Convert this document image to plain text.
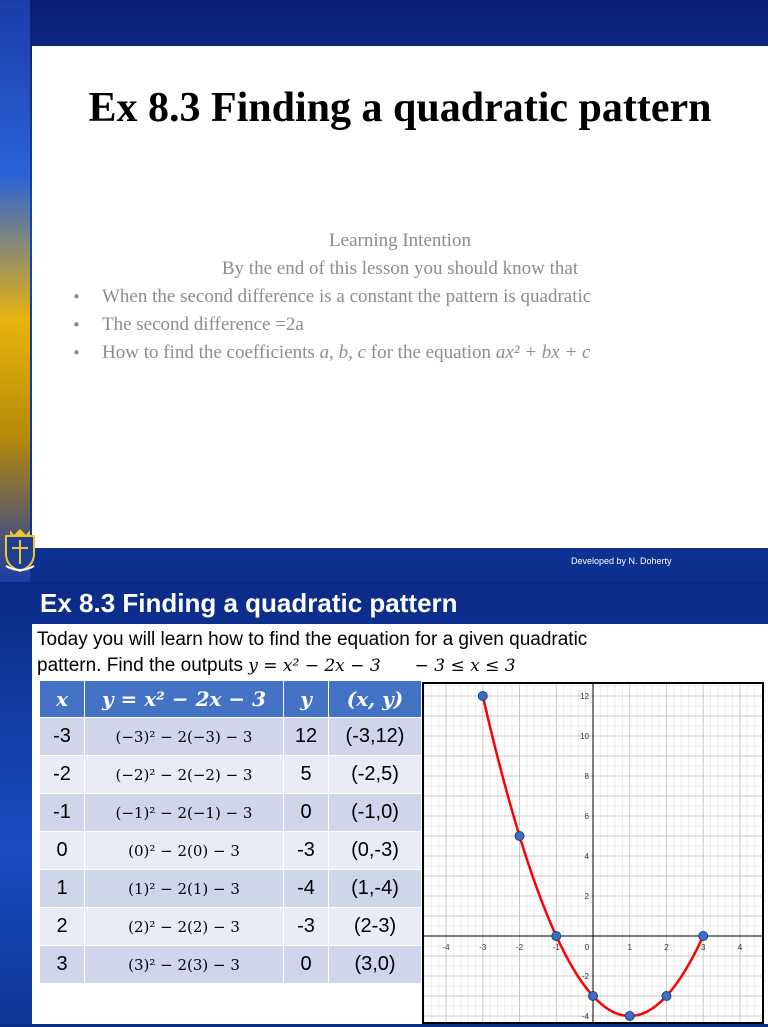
Ex 8.3 Finding a quadratic pattern
Learning Intention
By the end of this lesson you should know that
• When the second difference is a constant the pattern is quadratic
• The second difference =2a
• How to find the coefficients a, b, c for the equation ax² + bx + c
Developed by N. Doherty
Ex 8.3 Finding a quadratic pattern
Today you will learn how to find the equation for a given quadratic
pattern. Find the outputs y = x² − 2x − 3 − 3 ≤ x ≤ 3
x	y = x² − 2x − 3	y	(x, y)
-3	(−3)² − 2(−3) − 3	12	(-3,12)
-2	(−2)² − 2(−2) − 3	5	(-2,5)
-1	(−1)² − 2(−1) − 3	0	(-1,0)
0	(0)² − 2(0) − 3	-3	(0,-3)
1	(1)² − 2(1) − 3	-4	(1,-4)
2	(2)² − 2(2) − 3	-3	(2-3)
3	(3)² − 2(3) − 3	0	(3,0)
-4	-3	-2	-1	0	1	2	3	4
-4
-2
2
4
6
8
10
12
